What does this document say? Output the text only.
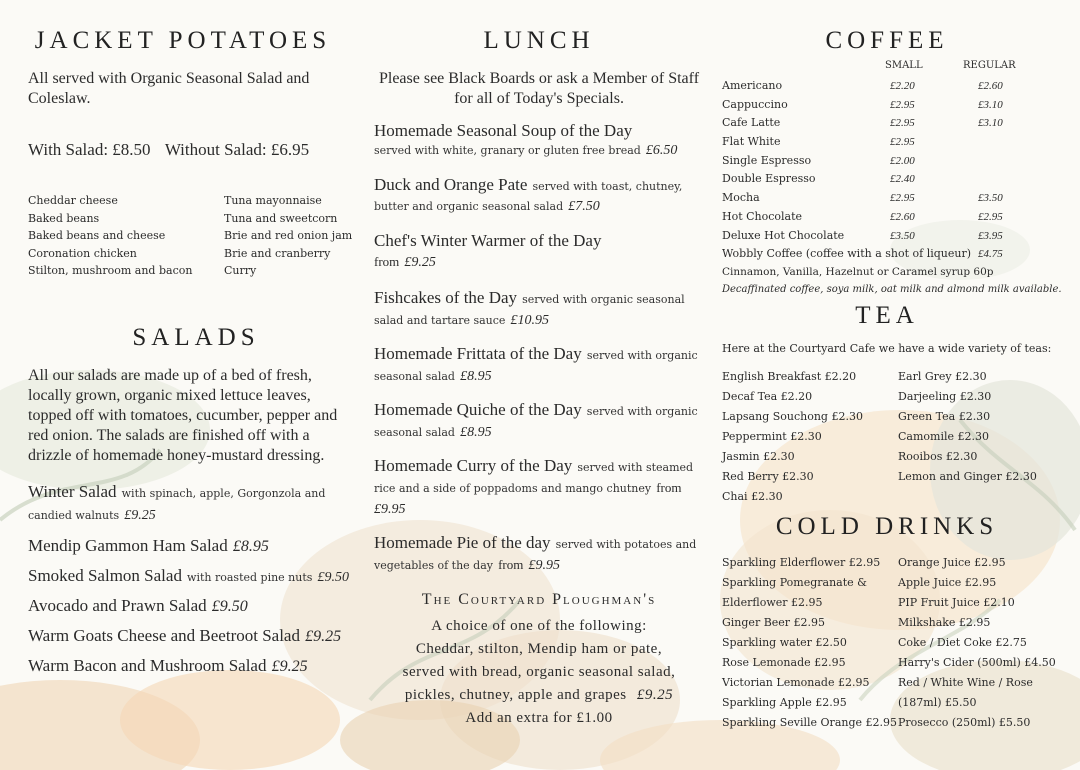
JACKET POTATOES
All served with Organic Seasonal Salad and Coleslaw.
With Salad: £8.50 Without Salad: £6.95
Cheddar cheese
Baked beans
Baked beans and cheese
Coronation chicken
Stilton, mushroom and bacon
Tuna mayonnaise
Tuna and sweetcorn
Brie and red onion jam
Brie and cranberry
Curry
SALADS
All our salads are made up of a bed of fresh, locally grown, organic mixed lettuce leaves, topped off with tomatoes, cucumber, pepper and red onion. The salads are finished off with a drizzle of homemade honey-mustard dressing.
Winter Salad with spinach, apple, Gorgonzola and candied walnuts £9.25
Mendip Gammon Ham Salad £8.95
Smoked Salmon Salad with roasted pine nuts £9.50
Avocado and Prawn Salad £9.50
Warm Goats Cheese and Beetroot Salad £9.25
Warm Bacon and Mushroom Salad £9.25
LUNCH
Please see Black Boards or ask a Member of Staff for all of Today's Specials.
Homemade Seasonal Soup of the Day
served with white, granary or gluten free bread £6.50
Duck and Orange Pate served with toast, chutney, butter and organic seasonal salad £7.50
Chef's Winter Warmer of the Day
from £9.25
Fishcakes of the Day served with organic seasonal salad and tartare sauce £10.95
Homemade Frittata of the Day served with organic seasonal salad £8.95
Homemade Quiche of the Day served with organic seasonal salad £8.95
Homemade Curry of the Day served with steamed rice and a side of poppadoms and mango chutney from £9.95
Homemade Pie of the day served with potatoes and vegetables of the day from £9.95
The Courtyard Ploughman's
A choice of one of the following:
Cheddar, stilton, Mendip ham or pate,
served with bread, organic seasonal salad,
pickles, chutney, apple and grapes £9.25
Add an extra for £1.00
COFFEE
SMALL	REGULAR
Americano	£2.20	£2.60
Cappuccino	£2.95	£3.10
Cafe Latte	£2.95	£3.10
Flat White	£2.95
Single Espresso	£2.00
Double Espresso	£2.40
Mocha	£2.95	£3.50
Hot Chocolate	£2.60	£2.95
Deluxe Hot Chocolate	£3.50	£3.95
Wobbly Coffee (coffee with a shot of liqueur) £4.75
Cinnamon, Vanilla, Hazelnut or Caramel syrup 60p
Decaffinated coffee, soya milk, oat milk and almond milk available.
TEA
Here at the Courtyard Cafe we have a wide variety of teas:
English Breakfast £2.20
Decaf Tea £2.20
Lapsang Souchong £2.30
Peppermint £2.30
Jasmin £2.30
Red Berry £2.30
Chai £2.30
Earl Grey £2.30
Darjeeling £2.30
Green Tea £2.30
Camomile £2.30
Rooibos £2.30
Lemon and Ginger £2.30
COLD DRINKS
Sparkling Elderflower £2.95
Sparkling Pomegranate &
Elderflower £2.95
Ginger Beer £2.95
Sparkling water £2.50
Rose Lemonade £2.95
Victorian Lemonade £2.95
Sparkling Apple £2.95
Sparkling Seville Orange £2.95
Orange Juice £2.95
Apple Juice £2.95
PIP Fruit Juice £2.10
Milkshake £2.95
Coke / Diet Coke £2.75
Harry's Cider (500ml) £4.50
Red / White Wine / Rose
(187ml) £5.50
Prosecco (250ml) £5.50
